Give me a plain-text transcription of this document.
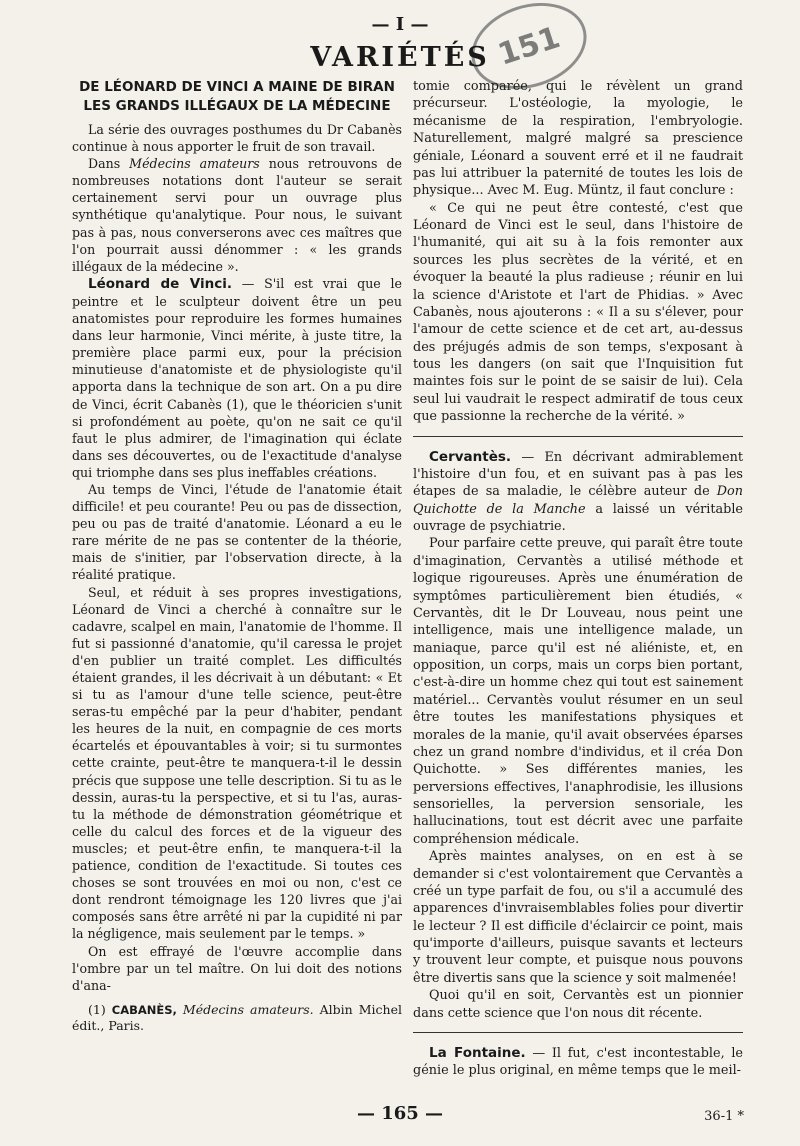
— I —	151
VARIÉTÉS
DE LÉONARD DE VINCI A MAINE DE BIRAN
LES GRANDS ILLÉGAUX DE LA MÉDECINE

La série des ouvrages posthumes du Dr Cabanès continue à nous apporter le fruit de son travail.

Dans Médecins amateurs nous retrouvons de nombreuses notations dont l'auteur se serait certainement servi pour un ouvrage plus synthétique qu'analytique. Pour nous, le suivant pas à pas, nous converserons avec ces maîtres que l'on pourrait aussi dénommer : « les grands illégaux de la médecine ».

Léonard de Vinci. — S'il est vrai que le peintre et le sculpteur doivent être un peu anatomistes pour reproduire les formes humaines dans leur harmonie, Vinci mérite, à juste titre, la première place parmi eux, pour la précision minutieuse d'anatomiste et de physiologiste qu'il apporta dans la technique de son art. On a pu dire de Vinci, écrit Cabanès (1), que le théoricien s'unit si profondément au poète, qu'on ne sait ce qu'il faut le plus admirer, de l'imagination qui éclate dans ses découvertes, ou de l'exactitude d'analyse qui triomphe dans ses plus ineffables créations.

Au temps de Vinci, l'étude de l'anatomie était difficile! et peu courante! Peu ou pas de dissection, peu ou pas de traité d'anatomie. Léonard a eu le rare mérite de ne pas se contenter de la théorie, mais de s'initier, par l'observation directe, à la réalité pratique.

Seul, et réduit à ses propres investigations, Léonard de Vinci a cherché à connaître sur le cadavre, scalpel en main, l'anatomie de l'homme. Il fut si passionné d'anatomie, qu'il caressa le projet d'en publier un traité complet. Les difficultés étaient grandes, il les décrivait à un débutant: « Et si tu as l'amour d'une telle science, peut-être seras-tu empêché par la peur d'habiter, pendant les heures de la nuit, en compagnie de ces morts écartelés et épouvantables à voir; si tu surmontes cette crainte, peut-être te manquera-t-il le dessin précis que suppose une telle description. Si tu as le dessin, auras-tu la perspective, et si tu l'as, auras-tu la méthode de démonstration géométrique et celle du calcul des forces et de la vigueur des muscles; et peut-être enfin, te manquera-t-il la patience, condition de l'exactitude. Si toutes ces choses se sont trouvées en moi ou non, c'est ce dont rendront témoignage les 120 livres que j'ai composés sans être arrêté ni par la cupidité ni par la négligence, mais seulement par le temps. »

On est effrayé de l'œuvre accomplie dans l'ombre par un tel maître. On lui doit des notions d'ana-

(1) CABANÈS, Médecins amateurs. Albin Michel édit., Paris.

tomie comparée, qui le révèlent un grand précurseur. L'ostéologie, la myologie, le mécanisme de la respiration, l'embryologie. Naturellement, malgré malgré sa prescience géniale, Léonard a souvent erré et il ne faudrait pas lui attribuer la paternité de toutes les lois de physique... Avec M. Eug. Müntz, il faut conclure :

« Ce qui ne peut être contesté, c'est que Léonard de Vinci est le seul, dans l'histoire de l'humanité, qui ait su à la fois remonter aux sources les plus secrètes de la vérité, et en évoquer la beauté la plus radieuse ; réunir en lui la science d'Aristote et l'art de Phidias. » Avec Cabanès, nous ajouterons : « Il a su s'élever, pour l'amour de cette science et de cet art, au-dessus des préjugés admis de son temps, s'exposant à tous les dangers (on sait que l'Inquisition fut maintes fois sur le point de se saisir de lui). Cela seul lui vaudrait le respect admiratif de tous ceux que passionne la recherche de la vérité. »

Cervantès. — En décrivant admirablement l'histoire d'un fou, et en suivant pas à pas les étapes de sa maladie, le célèbre auteur de Don Quichotte de la Manche a laissé un véritable ouvrage de psychiatrie.

Pour parfaire cette preuve, qui paraît être toute d'imagination, Cervantès a utilisé méthode et logique rigoureuses. Après une énumération de symptômes particulièrement bien étudiés, « Cervantès, dit le Dr Louveau, nous peint une intelligence, mais une intelligence malade, un maniaque, parce qu'il est né aliéniste, et, en opposition, un corps, mais un corps bien portant, c'est-à-dire un homme chez qui tout est sainement matériel... Cervantès voulut résumer en un seul être toutes les manifestations physiques et morales de la manie, qu'il avait observées éparses chez un grand nombre d'individus, et il créa Don Quichotte. » Ses différentes manies, les perversions effectives, l'anaphrodisie, les illusions sensorielles, la perversion sensoriale, les hallucinations, tout est décrit avec une parfaite compréhension médicale.

Après maintes analyses, on en est à se demander si c'est volontairement que Cervantès a créé un type parfait de fou, ou s'il a accumulé des apparences d'invraisemblables folies pour divertir le lecteur ? Il est difficile d'éclaircir ce point, mais qu'importe d'ailleurs, puisque savants et lecteurs y trouvent leur compte, et puisque nous pouvons être divertis sans que la science y soit malmenée!

Quoi qu'il en soit, Cervantès est un pionnier dans cette science que l'on nous dit récente.

La Fontaine. — Il fut, c'est incontestable, le génie le plus original, en même temps que le meil-

— 165 —	36-1 *
